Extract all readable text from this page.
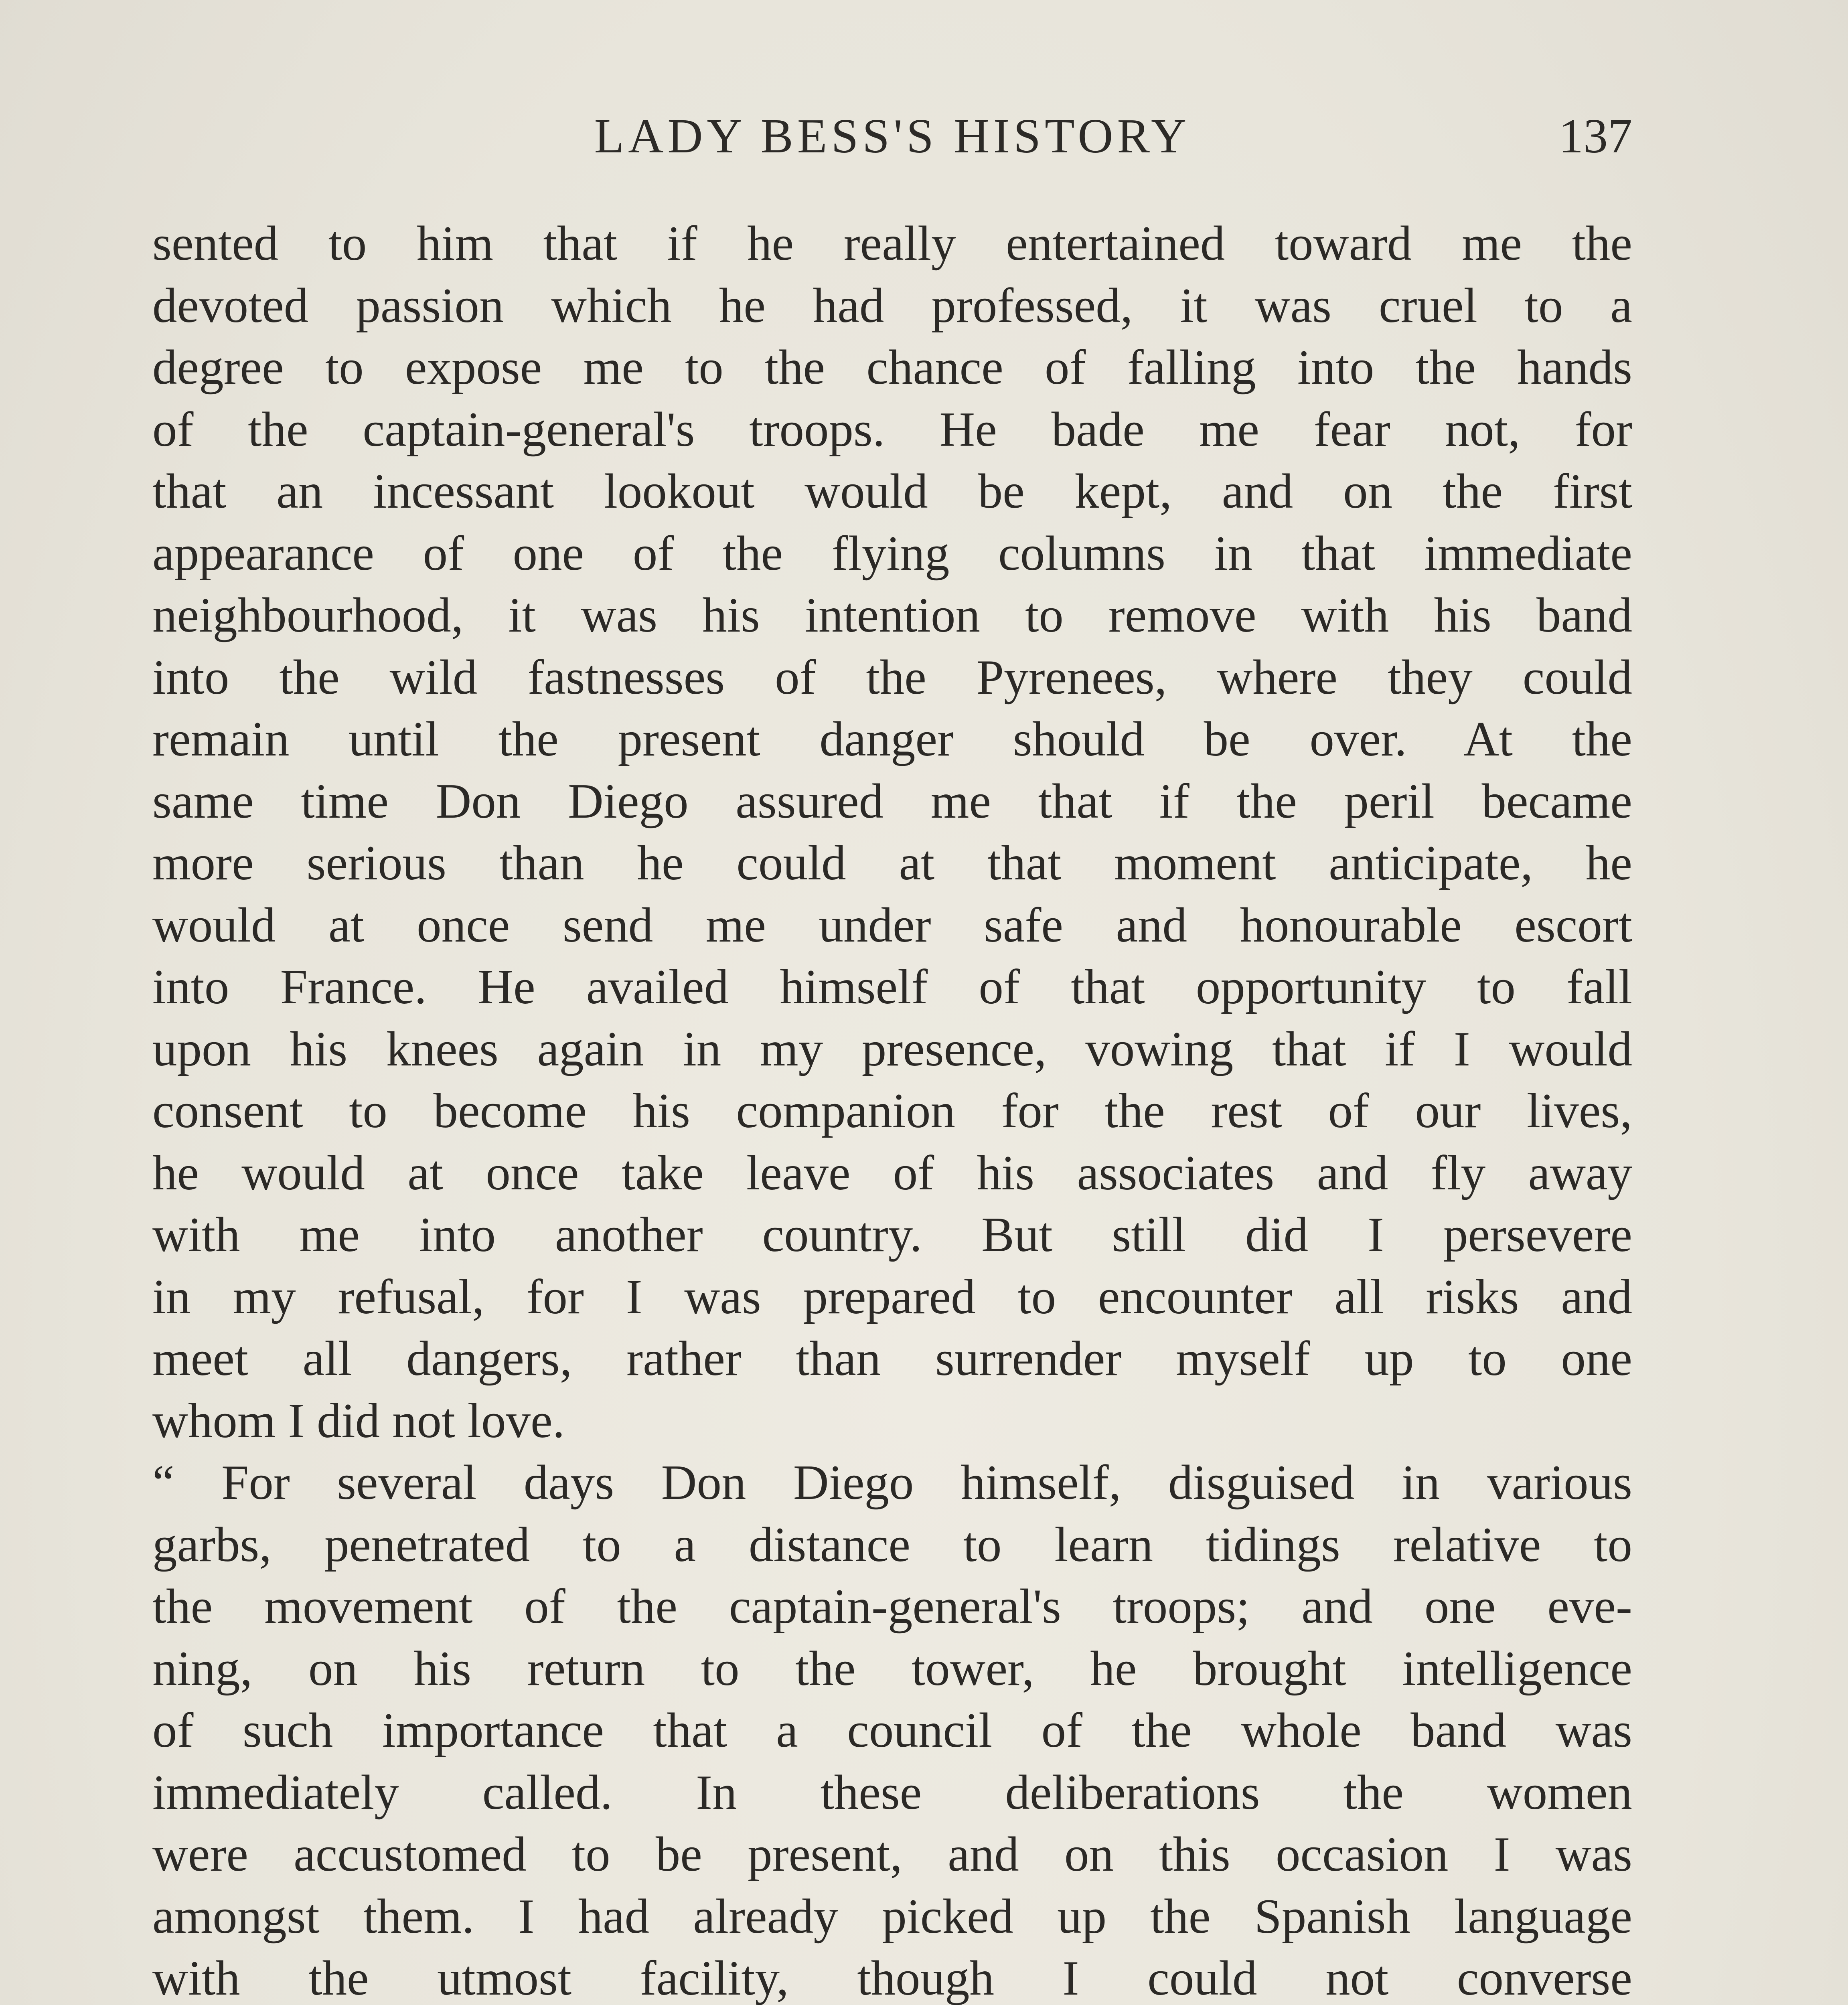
LADY BESS'S HISTORY	137
sented to him that if he really entertained toward me the
devoted passion which he had professed, it was cruel to a
degree to expose me to the chance of falling into the hands
of the captain-general's troops. He bade me fear not, for
that an incessant lookout would be kept, and on the first
appearance of one of the flying columns in that immediate
neighbourhood, it was his intention to remove with his band
into the wild fastnesses of the Pyrenees, where they could
remain until the present danger should be over. At the
same time Don Diego assured me that if the peril became
more serious than he could at that moment anticipate, he
would at once send me under safe and honourable escort
into France. He availed himself of that opportunity to fall
upon his knees again in my presence, vowing that if I would
consent to become his companion for the rest of our lives,
he would at once take leave of his associates and fly away
with me into another country. But still did I persevere
in my refusal, for I was prepared to encounter all risks and
meet all dangers, rather than surrender myself up to one
whom I did not love.
“ For several days Don Diego himself, disguised in various
garbs, penetrated to a distance to learn tidings relative to
the movement of the captain-general's troops; and one eve-
ning, on his return to the tower, he brought intelligence
of such importance that a council of the whole band was
immediately called. In these deliberations the women
were accustomed to be present, and on this occasion I was
amongst them. I had already picked up the Spanish language
with the utmost facility, though I could not converse
